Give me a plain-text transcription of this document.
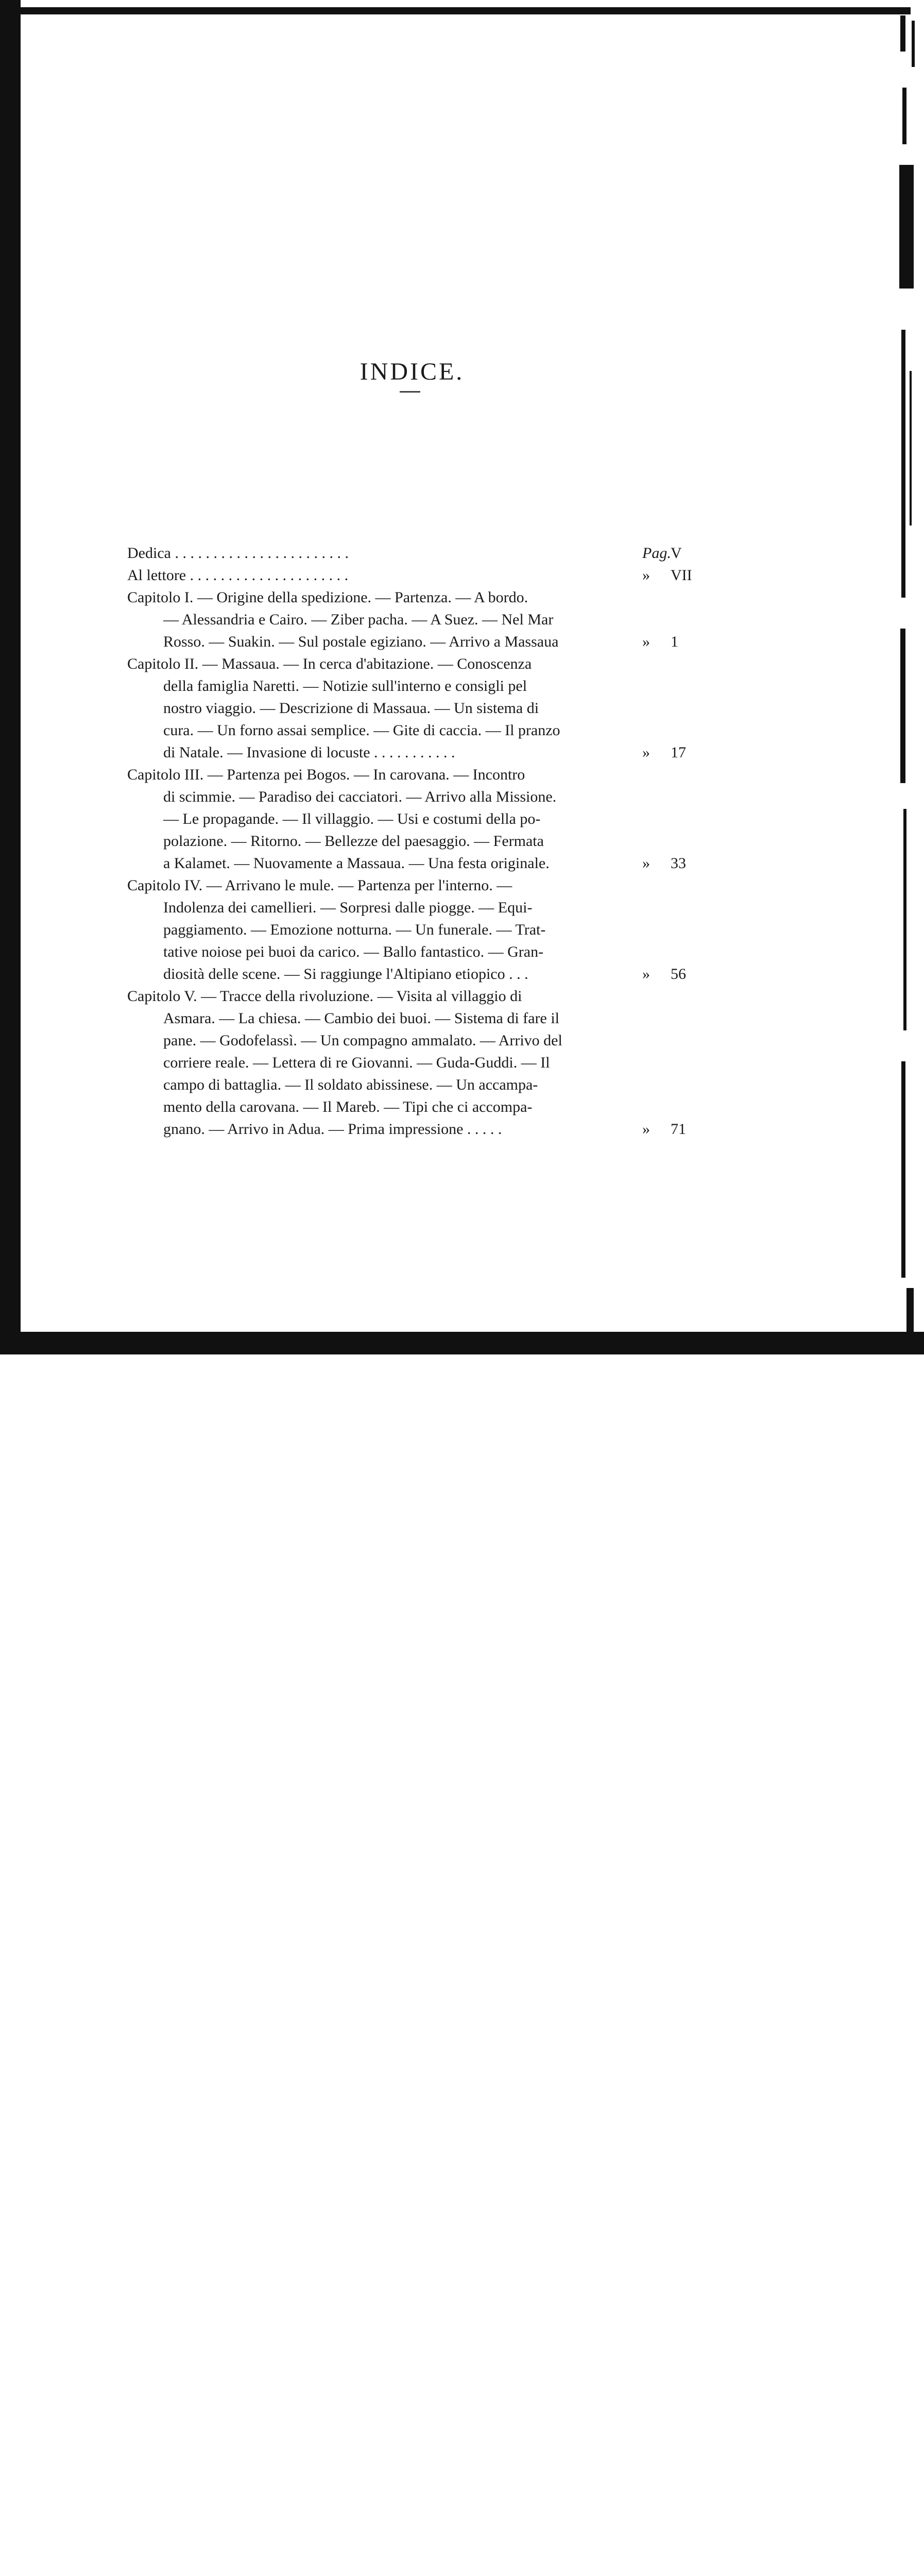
INDICE.
Dedica . . . . . . . . . . . . . . . . . . . . . . .	Pag. V
Al lettore . . . . . . . . . . . . . . . . . . . . .	»	VII
Capitolo I. — Origine della spedizione. — Partenza. — A bordo.
— Alessandria e Cairo. — Ziber pacha. — A Suez. — Nel Mar
Rosso. — Suakin. — Sul postale egiziano. — Arrivo a Massaua	»	1
Capitolo II. — Massaua. — In cerca d'abitazione. — Conoscenza
della famiglia Naretti. — Notizie sull'interno e consigli pel
nostro viaggio. — Descrizione di Massaua. — Un sistema di
cura. — Un forno assai semplice. — Gite di caccia. — Il pranzo
di Natale. — Invasione di locuste . . . . . . . . . . .	»	17
Capitolo III. — Partenza pei Bogos. — In carovana. — Incontro
di scimmie. — Paradiso dei cacciatori. — Arrivo alla Missione.
— Le propagande. — Il villaggio. — Usi e costumi della po-
polazione. — Ritorno. — Bellezze del paesaggio. — Fermata
a Kalamet. — Nuovamente a Massaua. — Una festa originale.	»	33
Capitolo IV. — Arrivano le mule. — Partenza per l'interno. —
Indolenza dei camellieri. — Sorpresi dalle piogge. — Equi-
paggiamento. — Emozione notturna. — Un funerale. — Trat-
tative noiose pei buoi da carico. — Ballo fantastico. — Gran-
diosità delle scene. — Si raggiunge l'Altipiano etiopico . . .	»	56
Capitolo V. — Tracce della rivoluzione. — Visita al villaggio di
Asmara. — La chiesa. — Cambio dei buoi. — Sistema di fare il
pane. — Godofelassì. — Un compagno ammalato. — Arrivo del
corriere reale. — Lettera di re Giovanni. — Guda-Guddi. — Il
campo di battaglia. — Il soldato abissinese. — Un accampa-
mento della carovana. — Il Mareb. — Tipi che ci accompa-
gnano. — Arrivo in Adua. — Prima impressione . . . . .	»	71
